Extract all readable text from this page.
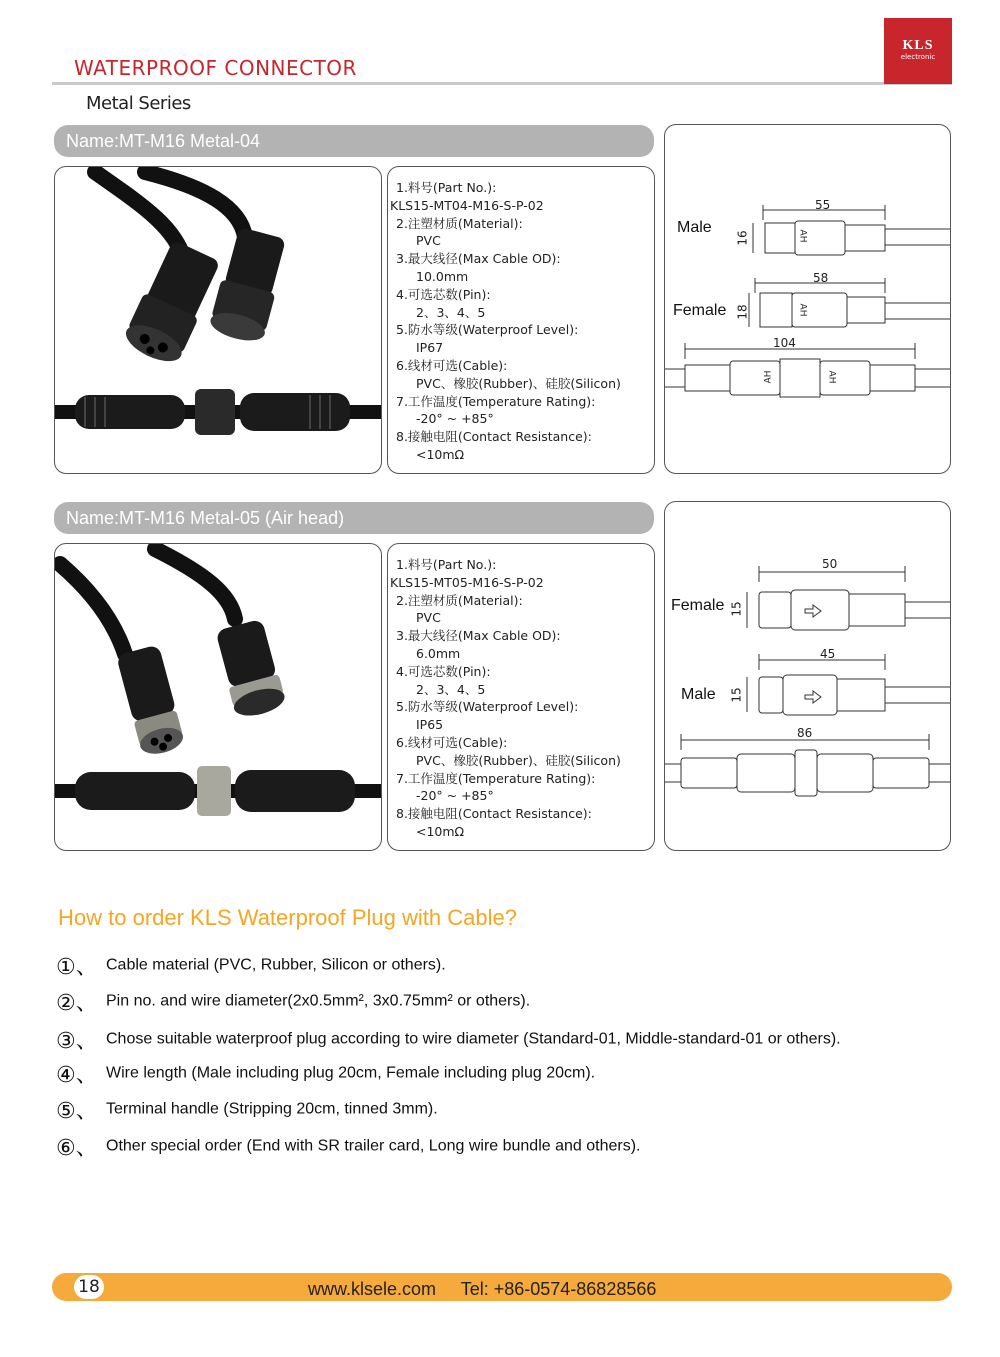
WATERPROOF CONNECTOR
KLS
electronic
Metal Series
Name:MT-M16 Metal-04
1.料号(Part No.):
KLS15-MT04-M16-S-P-02
2.注塑材质(Material):
PVC
3.最大线径(Max Cable OD):
10.0mm
4.可选芯数(Pin):
2、3、4、5
5.防水等级(Waterproof Level):
IP67
6.线材可选(Cable):
PVC、橡胶(Rubber)、硅胶(Silicon)
7.工作温度(Temperature Rating):
-20° ~ +85°
8.接触电阻(Contact Resistance):
<10mΩ
Male
Female
55
16
58
18
104
AH
AH
AH	AH
Name:MT-M16 Metal-05 (Air head)
1.料号(Part No.):
KLS15-MT05-M16-S-P-02
2.注塑材质(Material):
PVC
3.最大线径(Max Cable OD):
6.0mm
4.可选芯数(Pin):
2、3、4、5
5.防水等级(Waterproof Level):
IP65
6.线材可选(Cable):
PVC、橡胶(Rubber)、硅胶(Silicon)
7.工作温度(Temperature Rating):
-20° ~ +85°
8.接触电阻(Contact Resistance):
<10mΩ
Female
Male
50
15
45
15
86
How to order KLS Waterproof Plug with Cable?
①、 Cable material (PVC, Rubber, Silicon or others).
②、 Pin no. and wire diameter(2x0.5mm², 3x0.75mm² or others).
③、 Chose suitable waterproof plug according to wire diameter (Standard-01, Middle-standard-01 or others).
④、 Wire length (Male including plug 20cm, Female including plug 20cm).
⑤、 Terminal handle (Stripping 20cm, tinned 3mm).
⑥、 Other special order (End with SR trailer card, Long wire bundle and others).
18	www.klsele.com     Tel: +86-0574-86828566
